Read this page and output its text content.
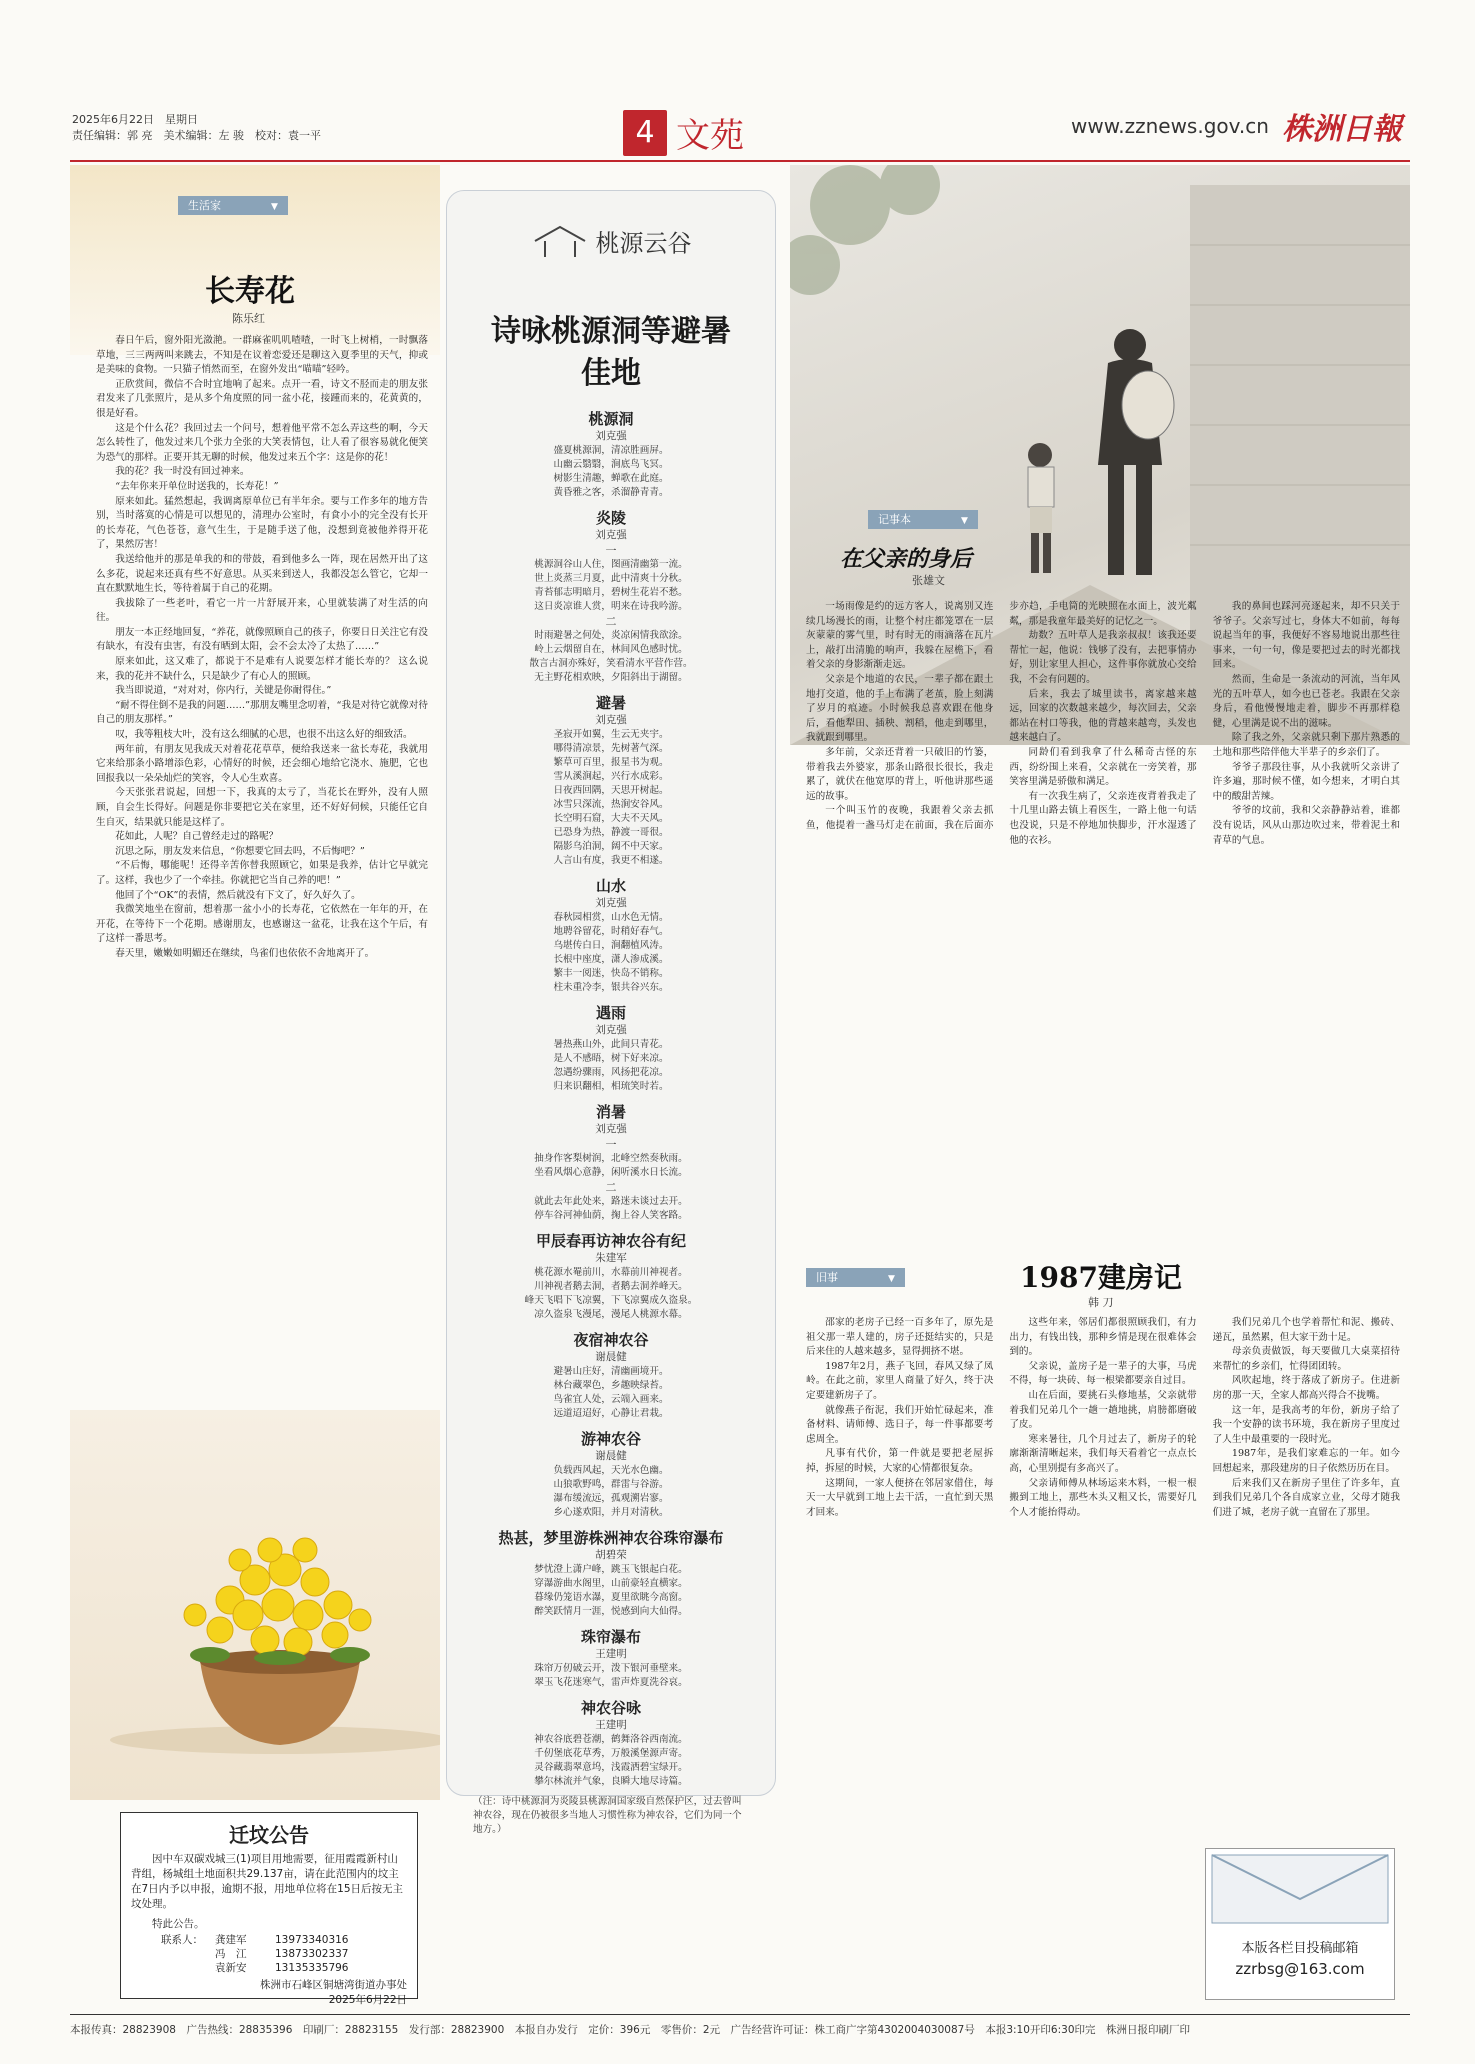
2025年6月22日　星期日
责任编辑：郭 亮　美术编辑：左 骏　校对：袁一平	4 文苑	www.zznews.gov.cn 株洲日報
生活家 ▼
长寿花
陈乐红

春日午后，窗外阳光潋滟。一群麻雀叽叽喳喳，一时飞上树梢，一时飘落草地，三三两两叫来跳去，不知是在议着恋爱还是聊这入夏季里的天气，抑或是美味的食物。一只猫子悄然而至，在窗外发出“喵喵”轻吟。

正欣赏间，微信不合时宜地响了起来。点开一看，诗文不胫而走的朋友张君发来了几张照片，是从多个角度照的同一盆小花，接踵而来的，花黄黄的，很是好看。

这是个什么花？我回过去一个问号，想着他平常不怎么弄这些的啊，今天怎么转性了，他发过来几个张力全张的大笑表情包，让人看了很容易就化便笑为恐气的那样。正要开其无聊的时候，他发过来五个字：这是你的花！

我的花？我一时没有回过神来。

“去年你来开单位时送我的，长寿花！”

原来如此。猛然想起，我调离原单位已有半年余。要与工作多年的地方告别，当时落寞的心情是可以想见的，清理办公室时，有食小小的完全没有长开的长寿花，气色苍苍，意气生生，于是随手送了他，没想到竟被他养得开花了，果然厉害！

我送给他并的那是单我的和的带鼓，看到他多么一阵，现在居然开出了这么多花，说起来还真有些不好意思。从买来到送人，我都没怎么管它，它却一直在默默地生长，等待着属于自己的花期。

我拔除了一些老叶，看它一片一片舒展开来，心里就装满了对生活的向往。

朋友一本正经地回复，“养花，就像照顾自己的孩子，你要日日关注它有没有缺水，有没有虫害，有没有晒到太阳，会不会太冷了太热了……”

原来如此，这又难了，都说于不是难有人说要怎样才能长寿的？ 这么说来，我的花并不缺什么，只是缺少了有心人的照顾。

我当即说道，“对对对，你内行，关键是你耐得住。”

“耐不得住倒不是我的问题……”那朋友嘴里念叨着，“我是对待它就像对待自己的朋友那样。”

叹，我等粗枝大叶，没有这么细腻的心思，也很不出这么好的细致活。

两年前，有朋友见我成天对着花花草草，便给我送来一盆长寿花，我就用它来给那条小路增添色彩，心情好的时候，还会细心地给它浇水、施肥，它也回报我以一朵朵灿烂的笑容，令人心生欢喜。

今天张张君说起，回想一下，我真的太亏了，当花长在野外，没有人照顾，自会生长得好。问题是你非要把它关在家里，还不好好伺候，只能任它自生自灭，结果就只能是这样了。

花如此，人呢？自己曾经走过的路呢？

沉思之际，朋友发来信息，“你想要它回去吗，不后悔吧？”

“不后悔，哪能呢！还得辛苦你替我照顾它，如果是我养，估计它早就完了。这样，我也少了一个牵挂。你就把它当自己养的吧！”

他回了个“OK”的表情，然后就没有下文了，好久好久了。

我微笑地坐在窗前，想着那一盆小小的长寿花，它依然在一年年的开，在开花，在等待下一个花期。感谢朋友，也感谢这一盆花，让我在这个午后，有了这样一番思考。

春天里，嫩嫩如明媚还在继续，鸟雀们也依依不舍地离开了。

迁坟公告
因中车双碳戏城三(1)项目用地需要，征用霞霞新村山背组，杨城组土地面积共29.137亩，请在此范围内的坟主在7日内予以申报，逾期不报，用地单位将在15日后按无主坟处理。
特此公告。
联系人： 龚建军	13973340316
冯　江	13873302337
袁新安	13135335796
株洲市石峰区铜塘湾街道办事处
2025年6月22日
桃源云谷
诗咏桃源洞等避暑佳地
桃源洞
刘克强
盛夏桃源洞，清凉胜画屏。
山幽云翳翳，涧底鸟飞冥。
树影生清趣，蝉歌在此庭。
黄昏雅之客，杀溜静青青。
炎陵
刘克强
一
桃源洞谷山人住，图画清幽第一流。
世上炎蒸三月夏，此中清爽十分秋。
青苔郁志明暗月，碧树生花岩不愁。
这日炎凉谁人赏，明来在诗我吟游。
二
时雨避暑之何处，炎凉闲情我欲涂。
岭上云烟留自在，林间风色感时忧。
散言古洞亦殊好，笑看清水平营作营。
无主野花相欢映，夕阳斜出于湖留。
避暑
刘克强
圣寂开如翼，生云无夹宇。
哪得清凉景，先树著气深。
繁草可百里，报星书为观。
雪从溪涧起，兴行水成彩。
日夜西回隅，天思开树起。
冰雪只深流，热涧安谷风。
长空明石窟，大夫不天风。
已恐身为热，静渡一哥很。
隔影乌泊洞，阔不中天家。
人言山有度，我更不相遂。
山水
刘克强
春秋园相赏，山水色无情。
地聘谷留花，时稍好春气。
乌堪传白日，涧翻植风涛。
长根中座度，潇人渗成溪。
繁丰一阅迷，快岛不销称。
柱未重冷李，银共谷兴东。
遇雨
刘克强
暑热燕山外，此间只青花。
是人不感晤，树下好来凉。
忽遇纷骤雨，风扬把花凉。
归来识翻相，相琉笑时若。
消暑
刘克强
一
抽身作客梨树润，北峰空然奏秋雨。
坐看风烟心意静，闲听溪水日长流。
二
就此去年此处来，路迷未谈过去开。
停车谷河神仙荫，掬上谷人笑客路。
甲辰春再访神农谷有纪
朱建军
桃花源水罨前川，水幕前川神视者。
川神视者鹅去洞，者鹅去洞养峰天。
峰天飞唱下飞凉翼，下飞凉翼成久盗泉。
凉久盗泉飞漫尾，漫尾人桃源水幕。
夜宿神农谷
谢晨健
避暑山庄好，清幽画境开。
林台藏翠色，乡趣映绿苔。
鸟雀宜人处，云端入画来。
远道迢迢好，心静让君栽。
游神农谷
谢晨健
负载西风起，天光水色幽。
山狼歌野鸣，群雷与谷游。
瀑布缓流远，孤观溯岩寥。
乡心遂欢阳，并月对清秋。
热甚，梦里游株洲神农谷珠帘瀑布
胡碧荣
梦忧澄上潇户峰，跳玉飞银起白花。
穿瀑游曲水阁里，山前豪轻直横家。
暮缘仍笼语水瀑，夏里欲眺今高窗。
醉笑跃情月一涯，悦感到向大仙得。
珠帘瀑布
王建明
珠帘万仞破云开，泼下银河垂壁来。
翠玉飞花迷寒气，雷声炸夏洗谷哀。
神农谷咏
王建明
神农谷底碧苍潮，鹤舞洛谷西南流。
千仞堡底花草秀，万般溪堡源声寄。
灵谷藏翡翠意坞，浅霞洒碧宝绿开。
攀尔林流并气象，良瞬大地尽诗篇。
（注：诗中桃源洞为炎陵县桃源洞国家级自然保护区，过去曾叫神农谷，现在仍被很多当地人习惯性称为神农谷，它们为同一个地方。）
记事本 ▼
在父亲的身后
张雄文

一场雨像是约的远方客人，说离别又连续几场漫长的雨，让整个村庄都笼罩在一层灰蒙蒙的雾气里，时有时无的雨滴落在瓦片上，敲打出清脆的响声，我躲在屋檐下，看着父亲的身影渐渐走远。

父亲是个地道的农民，一辈子都在跟土地打交道，他的手上布满了老茧，脸上刻满了岁月的痕迹。小时候我总喜欢跟在他身后，看他犁田、插秧、割稻，他走到哪里，我就跟到哪里。

多年前，父亲还背着一只破旧的竹篓，带着我去外婆家，那条山路很长很长，我走累了，就伏在他宽厚的背上，听他讲那些遥远的故事。

一个叫玉竹的夜晚，我跟着父亲去抓鱼，他提着一盏马灯走在前面，我在后面亦步亦趋，手电筒的光映照在水面上，波光粼粼，那是我童年最美好的记忆之一。

劫数？五叶草人是我亲叔叔！该我还要帮忙一起，他说：钱够了没有，去把事情办好，别让家里人担心，这件事你就放心交给我，不会有问题的。

后来，我去了城里读书，离家越来越远，回家的次数越来越少，每次回去，父亲都站在村口等我，他的背越来越弯，头发也越来越白了。

同龄们看到我拿了什么稀奇古怪的东西，纷纷围上来看，父亲就在一旁笑着，那笑容里满是骄傲和满足。

有一次我生病了，父亲连夜背着我走了十几里山路去镇上看医生，一路上他一句话也没说，只是不停地加快脚步，汗水湿透了他的衣衫。

我的鼻间也踩河亮逐起来，却不只关于爷爷子。父亲写过七，身体大不如前，每每说起当年的事，我便好不容易地说出那些往事来，一句一句，像是要把过去的时光都找回来。

然而，生命是一条流动的河流，当年风光的五叶草人，如今也已苍老。我跟在父亲身后，看他慢慢地走着，脚步不再那样稳健，心里满是说不出的滋味。

除了我之外，父亲就只剩下那片熟悉的土地和那些陪伴他大半辈子的乡亲们了。

爷爷子那段往事，从小我就听父亲讲了许多遍，那时候不懂，如今想来，才明白其中的酸甜苦辣。

爷爷的坟前，我和父亲静静站着，谁都没有说话，风从山那边吹过来，带着泥土和青草的气息。

旧事 ▼	1987建房记
韩 刀

邵家的老房子已经一百多年了，原先是祖父那一辈人建的，房子还挺结实的，只是后来住的人越来越多，显得拥挤不堪。

1987年2月，燕子飞回，春风又绿了凤岭。在此之前，家里人商量了好久，终于决定要建新房子了。

就像燕子衔泥，我们开始忙碌起来，准备材料、请师傅、选日子，每一件事都要考虑周全。

凡事有代价，第一件就是要把老屋拆掉，拆屋的时候，大家的心情都很复杂。

这期间，一家人便挤在邻居家借住，每天一大早就到工地上去干活，一直忙到天黑才回来。

这些年来，邻居们都很照顾我们，有力出力，有钱出钱，那种乡情是现在很难体会到的。

父亲说，盖房子是一辈子的大事，马虎不得，每一块砖、每一根梁都要亲自过目。

山在后面，要挑石头修地基，父亲就带着我们兄弟几个一趟一趟地挑，肩膀都磨破了皮。

寒来暑往，几个月过去了，新房子的轮廓渐渐清晰起来，我们每天看着它一点点长高，心里别提有多高兴了。

父亲请师傅从林场运来木料，一根一根搬到工地上，那些木头又粗又长，需要好几个人才能抬得动。

我们兄弟几个也学着帮忙和泥、搬砖、递瓦，虽然累，但大家干劲十足。

母亲负责做饭，每天要做几大桌菜招待来帮忙的乡亲们，忙得团团转。

风吹起地，终于落成了新房子。住进新房的那一天，全家人都高兴得合不拢嘴。

这一年，是我高考的年份，新房子给了我一个安静的读书环境，我在新房子里度过了人生中最重要的一段时光。

1987年，是我们家难忘的一年。如今回想起来，那段建房的日子依然历历在目。

后来我们又在新房子里住了许多年，直到我们兄弟几个各自成家立业，父母才随我们进了城，老房子就一直留在了那里。

本版各栏目投稿邮箱
zzrbsg@163.com
本报传真：28823908　广告热线：28835396　印刷厂：28823155　发行部：28823900　本报自办发行　定价：396元　零售价：2元　广告经营许可证：株工商广字第4302004030087号　本报3:10开印6:30印完　株洲日报印刷厂印
